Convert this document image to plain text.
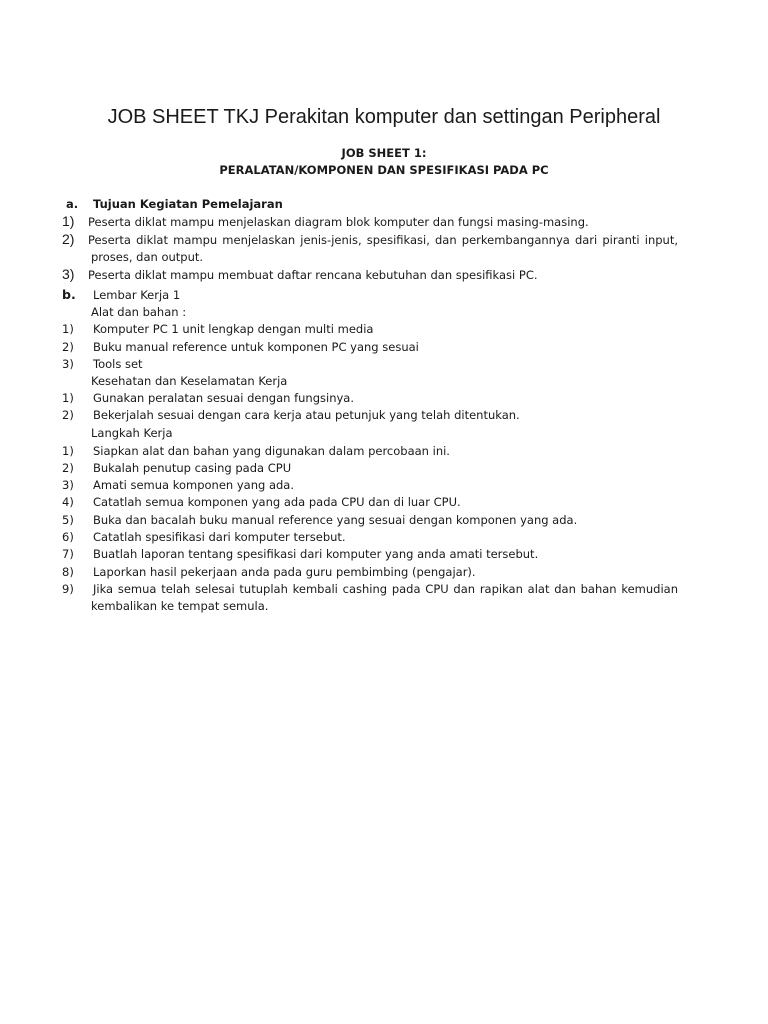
JOB SHEET TKJ Perakitan komputer dan settingan Peripheral
JOB SHEET 1:
PERALATAN/KOMPONEN DAN SPESIFIKASI PADA PC
a. Tujuan Kegiatan Pemelajaran
1) Peserta diklat mampu menjelaskan diagram blok komputer dan fungsi masing-masing.
2) Peserta diklat mampu menjelaskan jenis-jenis, spesifikasi, dan perkembangannya dari piranti input,
proses, dan output.
3) Peserta diklat mampu membuat daftar rencana kebutuhan dan spesifikasi PC.
b. Lembar Kerja 1
Alat dan bahan :
1) Komputer PC 1 unit lengkap dengan multi media
2) Buku manual reference untuk komponen PC yang sesuai
3) Tools set
Kesehatan dan Keselamatan Kerja
1) Gunakan peralatan sesuai dengan fungsinya.
2) Bekerjalah sesuai dengan cara kerja atau petunjuk yang telah ditentukan.
Langkah Kerja
1) Siapkan alat dan bahan yang digunakan dalam percobaan ini.
2) Bukalah penutup casing pada CPU
3) Amati semua komponen yang ada.
4) Catatlah semua komponen yang ada pada CPU dan di luar CPU.
5) Buka dan bacalah buku manual reference yang sesuai dengan komponen yang ada.
6) Catatlah spesifikasi dari komputer tersebut.
7) Buatlah laporan tentang spesifikasi dari komputer yang anda amati tersebut.
8) Laporkan hasil pekerjaan anda pada guru pembimbing (pengajar).
9) Jika semua telah selesai tutuplah kembali cashing pada CPU dan rapikan alat dan bahan kemudian
kembalikan ke tempat semula.
